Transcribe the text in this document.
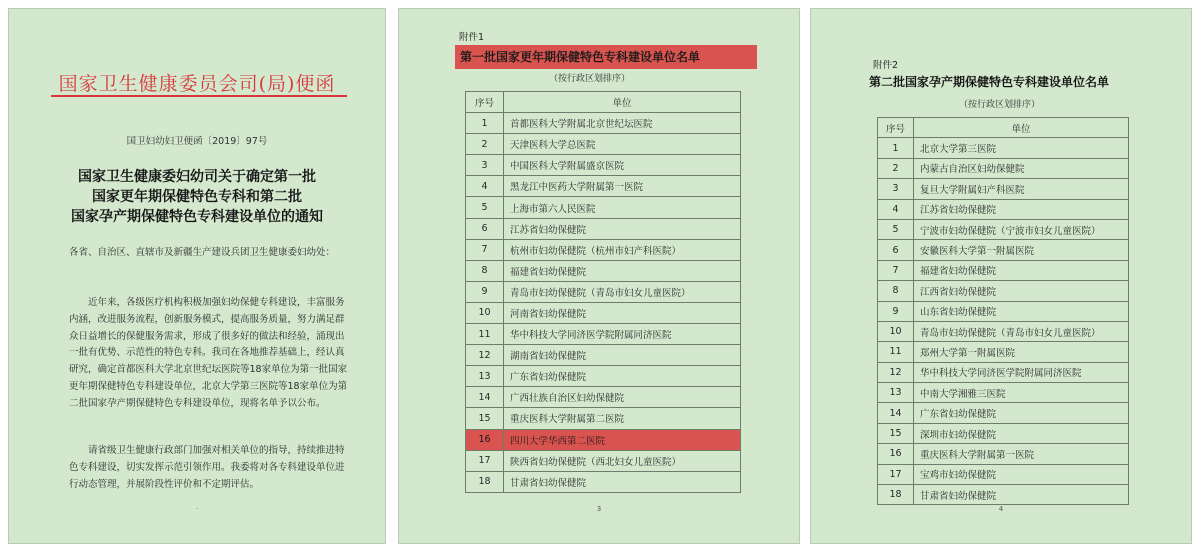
国家卫生健康委员会司(局)便函
国卫妇幼妇卫便函〔2019〕97号
国家卫生健康委妇幼司关于确定第一批
国家更年期保健特色专科和第二批
国家孕产期保健特色专科建设单位的通知
各省、自治区、直辖市及新疆生产建设兵团卫生健康委妇幼处：
近年来，各级医疗机构积极加强妇幼保健专科建设，丰富服务内涵，改进服务流程，创新服务模式，提高服务质量，努力满足群众日益增长的保健服务需求，形成了很多好的做法和经验，涌现出一批有优势、示范性的特色专科。我司在各地推荐基础上，经认真研究，确定首都医科大学北京世纪坛医院等18家单位为第一批国家更年期保健特色专科建设单位，北京大学第三医院等18家单位为第二批国家孕产期保健特色专科建设单位，现将名单予以公布。
请省级卫生健康行政部门加强对相关单位的指导，持续推进特色专科建设，切实发挥示范引领作用。我委将对各专科建设单位进行动态管理，并展阶段性评价和不定期评估。
·
附件1
第一批国家更年期保健特色专科建设单位名单
（按行政区划排序）
序号	单位
1	首都医科大学附属北京世纪坛医院
2	天津医科大学总医院
3	中国医科大学附属盛京医院
4	黑龙江中医药大学附属第一医院
5	上海市第六人民医院
6	江苏省妇幼保健院
7	杭州市妇幼保健院（杭州市妇产科医院）
8	福建省妇幼保健院
9	青岛市妇幼保健院（青岛市妇女儿童医院）
10	河南省妇幼保健院
11	华中科技大学同济医学院附属同济医院
12	湖南省妇幼保健院
13	广东省妇幼保健院
14	广西壮族自治区妇幼保健院
15	重庆医科大学附属第二医院
16	四川大学华西第二医院
17	陕西省妇幼保健院（西北妇女儿童医院）
18	甘肃省妇幼保健院
3
附件2
第二批国家孕产期保健特色专科建设单位名单
（按行政区划排序）
序号	单位
1	北京大学第三医院
2	内蒙古自治区妇幼保健院
3	复旦大学附属妇产科医院
4	江苏省妇幼保健院
5	宁波市妇幼保健院（宁波市妇女儿童医院）
6	安徽医科大学第一附属医院
7	福建省妇幼保健院
8	江西省妇幼保健院
9	山东省妇幼保健院
10	青岛市妇幼保健院（青岛市妇女儿童医院）
11	郑州大学第一附属医院
12	华中科技大学同济医学院附属同济医院
13	中南大学湘雅三医院
14	广东省妇幼保健院
15	深圳市妇幼保健院
16	重庆医科大学附属第一医院
17	宝鸡市妇幼保健院
18	甘肃省妇幼保健院
4
